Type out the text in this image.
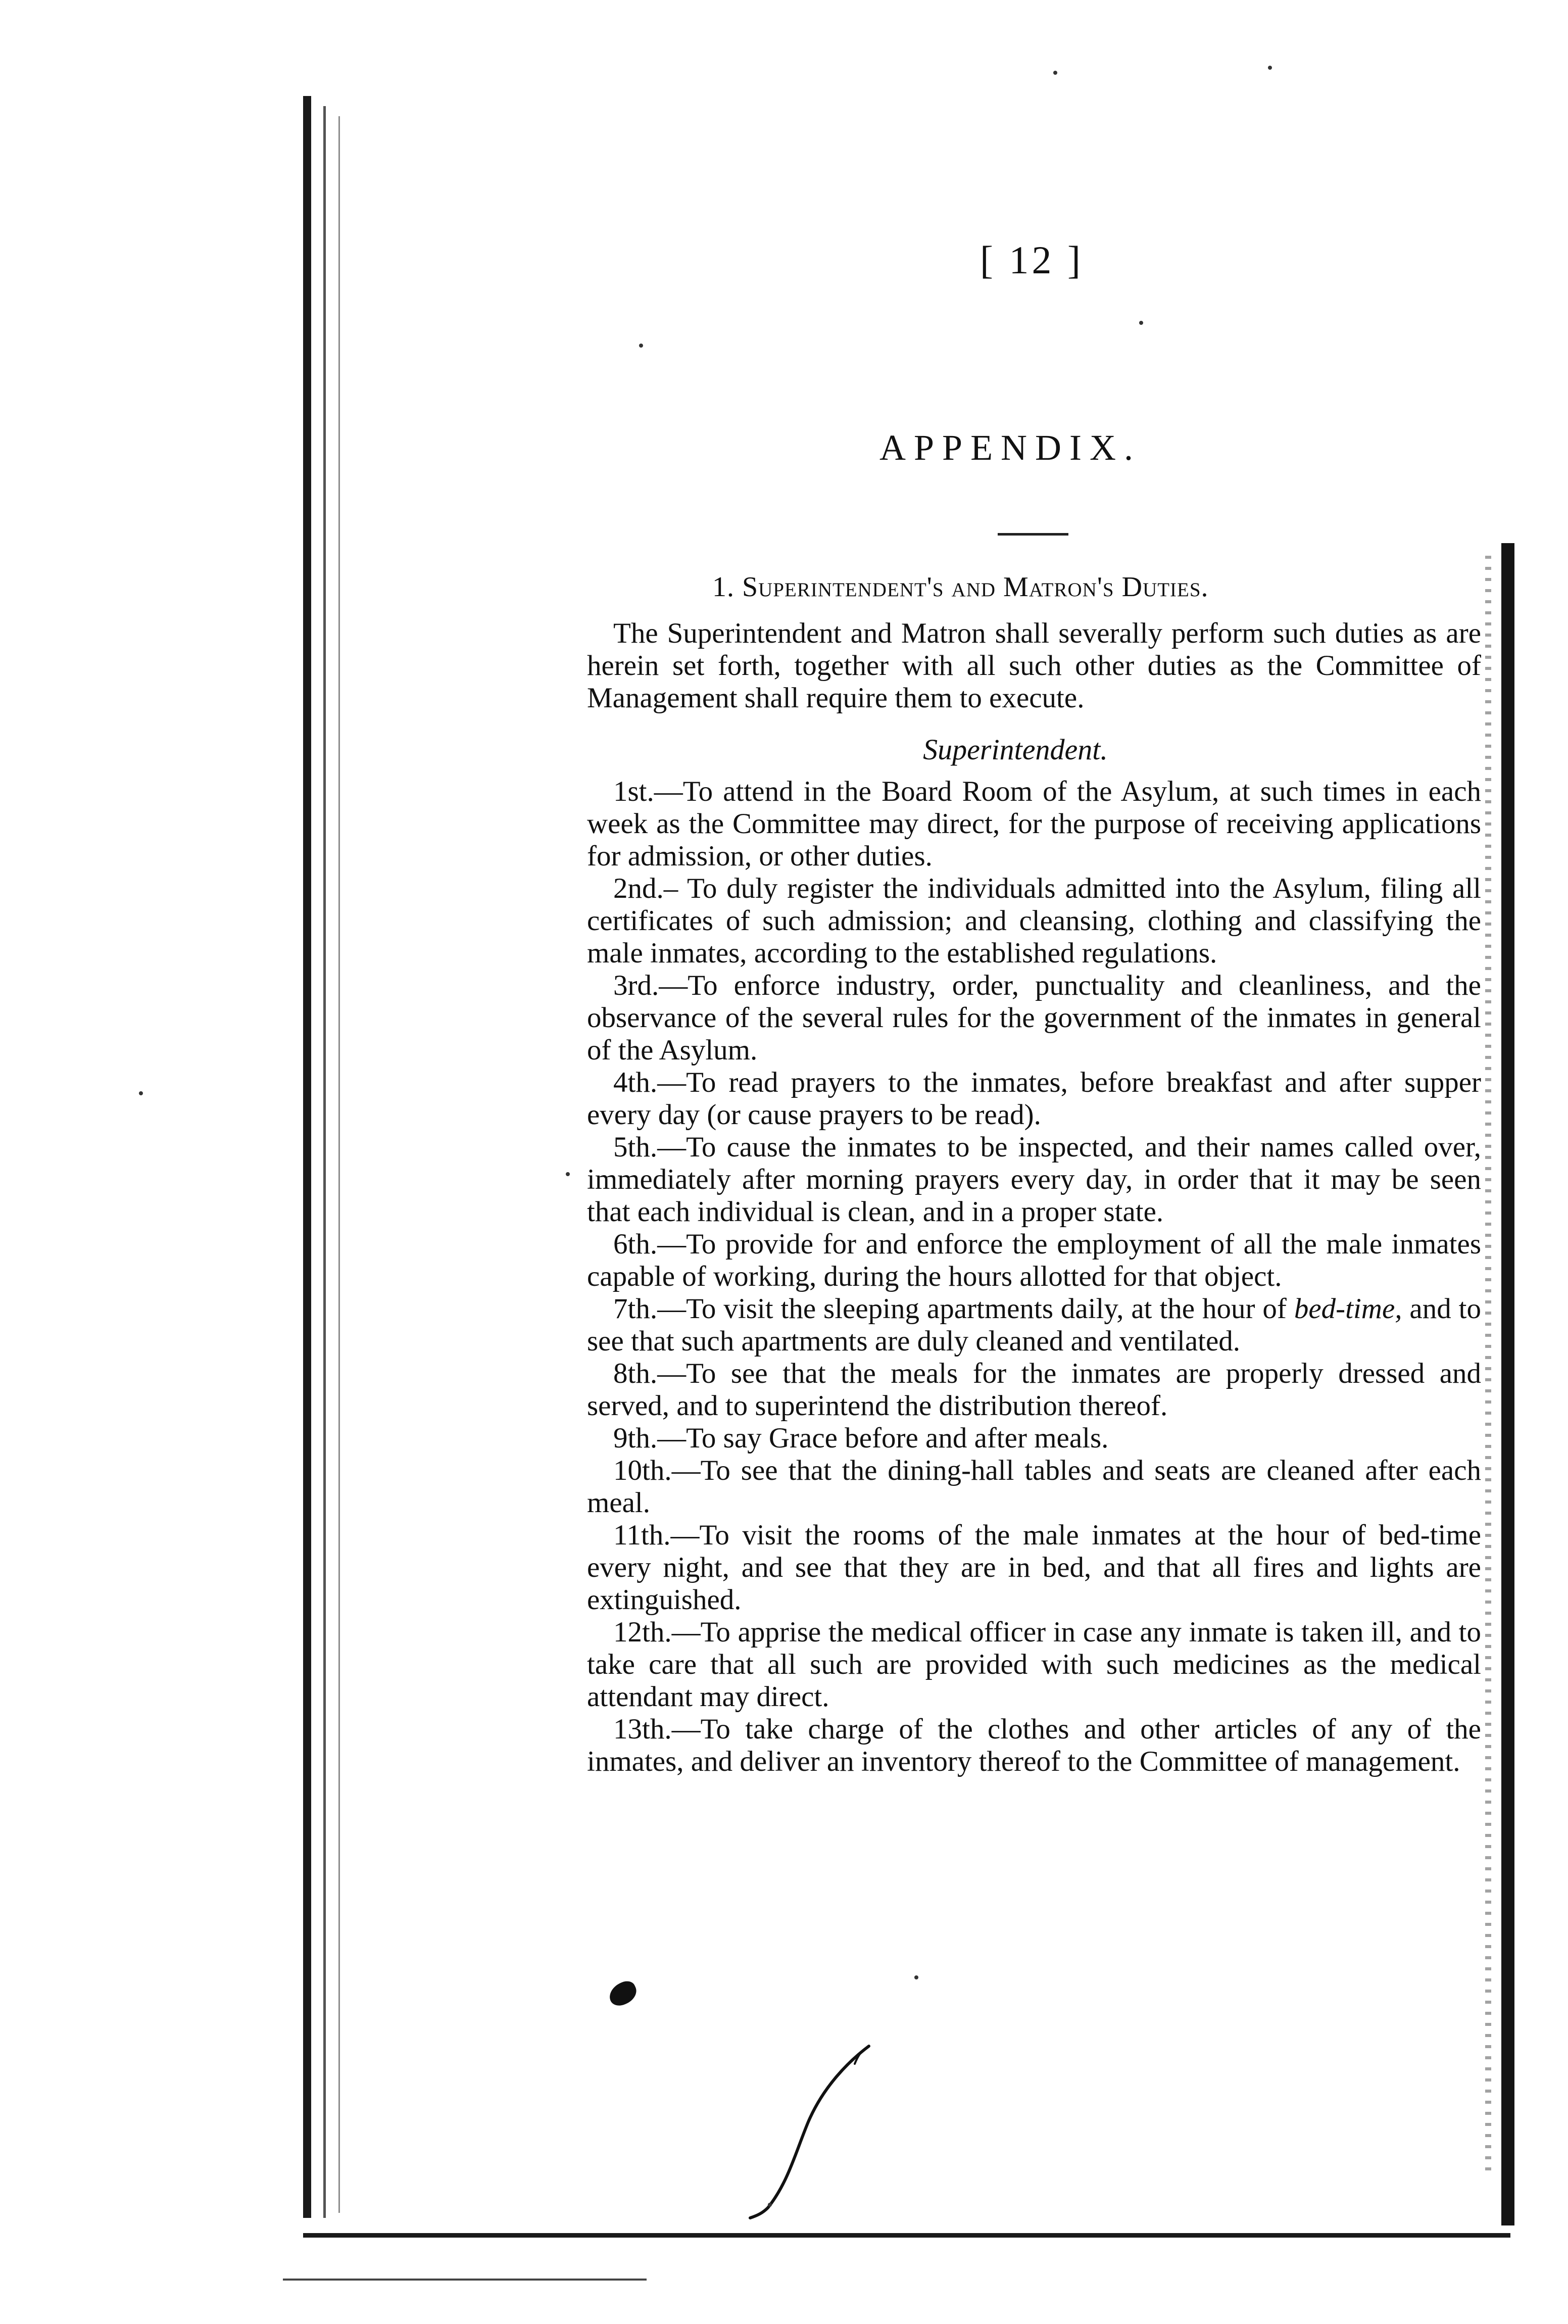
[ 12 ]
APPENDIX.
1. Superintendent's and Matron's Duties.

The Superintendent and Matron shall severally perform such duties as are herein set forth, together with all such other duties as the Committee of Management shall require them to execute.

Superintendent.

1st.—To attend in the Board Room of the Asylum, at such times in each week as the Committee may direct, for the purpose of receiving applications for admission, or other duties.

2nd.– To duly register the individuals admitted into the Asylum, filing all certificates of such admission; and cleansing, clothing and classifying the male inmates, according to the established regulations.

3rd.—To enforce industry, order, punctuality and cleanliness, and the observance of the several rules for the government of the inmates in general of the Asylum.

4th.—To read prayers to the inmates, before breakfast and after supper every day (or cause prayers to be read).

5th.—To cause the inmates to be inspected, and their names called over, immediately after morning prayers every day, in order that it may be seen that each individual is clean, and in a proper state.

6th.—To provide for and enforce the employment of all the male inmates capable of working, during the hours allotted for that object.

7th.—To visit the sleeping apartments daily, at the hour of bed-time, and to see that such apartments are duly cleaned and ventilated.

8th.—To see that the meals for the inmates are properly dressed and served, and to superintend the distribution thereof.

9th.—To say Grace before and after meals.

10th.—To see that the dining-hall tables and seats are cleaned after each meal.

11th.—To visit the rooms of the male inmates at the hour of bed-time every night, and see that they are in bed, and that all fires and lights are extinguished.

12th.—To apprise the medical officer in case any inmate is taken ill, and to take care that all such are provided with such medicines as the medical attendant may direct.

13th.—To take charge of the clothes and other articles of any of the inmates, and deliver an inventory thereof to the Committee of management.
